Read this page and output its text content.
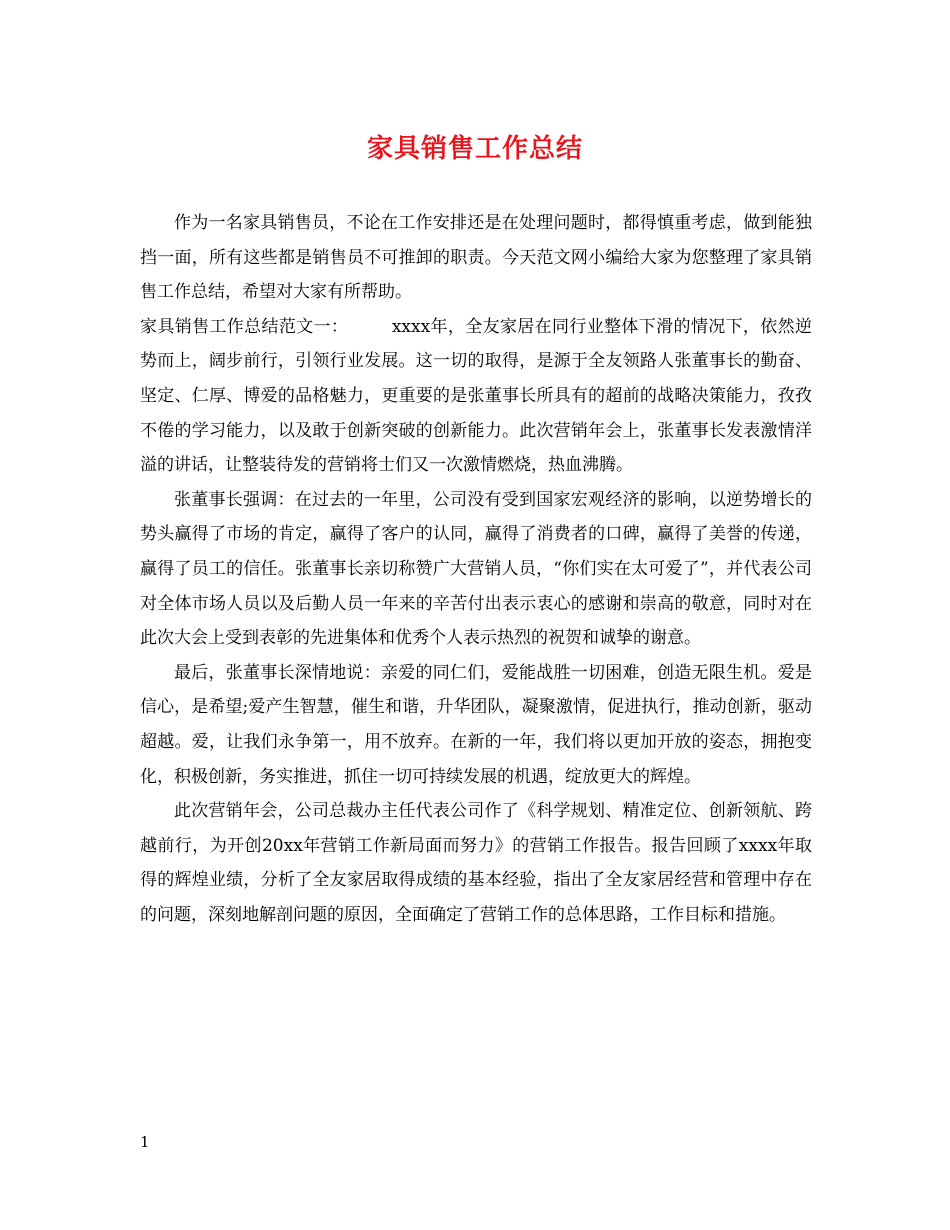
家具销售工作总结

作为一名家具销售员，不论在工作安排还是在处理问题时，都得慎重考虑，做到能独挡一面，所有这些都是销售员不可推卸的职责。今天范文网小编给大家为您整理了家具销售工作总结，希望对大家有所帮助。

家具销售工作总结范文一：　　　xxxx年，全友家居在同行业整体下滑的情况下，依然逆势而上，阔步前行，引领行业发展。这一切的取得，是源于全友领路人张董事长的勤奋、坚定、仁厚、博爱的品格魅力，更重要的是张董事长所具有的超前的战略决策能力，孜孜不倦的学习能力，以及敢于创新突破的创新能力。此次营销年会上，张董事长发表激情洋溢的讲话，让整装待发的营销将士们又一次激情燃烧，热血沸腾。

张董事长强调：在过去的一年里，公司没有受到国家宏观经济的影响，以逆势增长的势头赢得了市场的肯定，赢得了客户的认同，赢得了消费者的口碑，赢得了美誉的传递，赢得了员工的信任。张董事长亲切称赞广大营销人员，“你们实在太可爱了”，并代表公司对全体市场人员以及后勤人员一年来的辛苦付出表示衷心的感谢和崇高的敬意，同时对在此次大会上受到表彰的先进集体和优秀个人表示热烈的祝贺和诚挚的谢意。

最后，张董事长深情地说：亲爱的同仁们，爱能战胜一切困难，创造无限生机。爱是信心，是希望;爱产生智慧，催生和谐，升华团队，凝聚激情，促进执行，推动创新，驱动超越。爱，让我们永争第一，用不放弃。在新的一年，我们将以更加开放的姿态，拥抱变化，积极创新，务实推进，抓住一切可持续发展的机遇，绽放更大的辉煌。

此次营销年会，公司总裁办主任代表公司作了《科学规划、精准定位、创新领航、跨越前行，为开创20xx年营销工作新局面而努力》的营销工作报告。报告回顾了xxxx年取得的辉煌业绩，分析了全友家居取得成绩的基本经验，指出了全友家居经营和管理中存在的问题，深刻地解剖问题的原因，全面确定了营销工作的总体思路，工作目标和措施。

1
